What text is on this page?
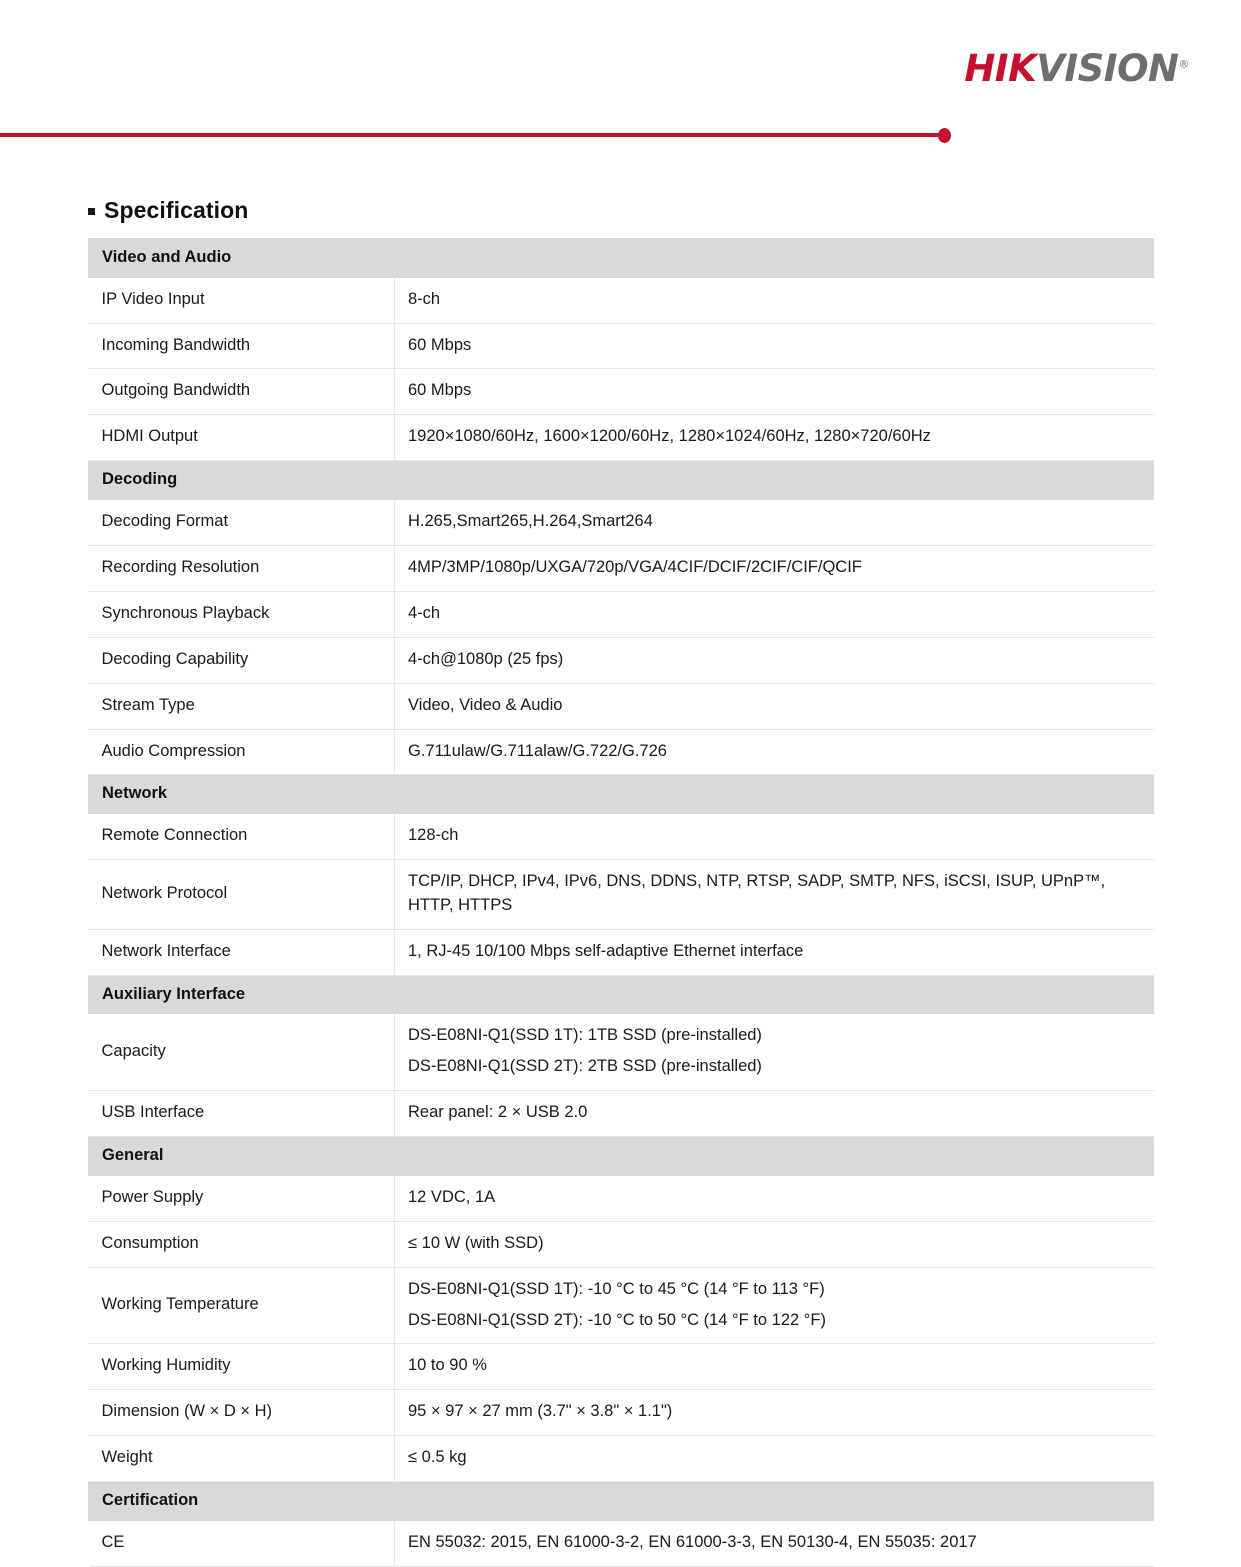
HIKVISION®
Specification
Video and Audio	
IP Video Input	8-ch

Incoming Bandwidth	60 Mbps

Outgoing Bandwidth	60 Mbps

HDMI Output	1920×1080/60Hz, 1600×1200/60Hz, 1280×1024/60Hz, 1280×720/60Hz

Decoding	
Decoding Format	H.265,Smart265,H.264,Smart264

Recording Resolution	4MP/3MP/1080p/UXGA/720p/VGA/4CIF/DCIF/2CIF/CIF/QCIF

Synchronous Playback	4-ch

Decoding Capability	4-ch@1080p (25 fps)

Stream Type	Video, Video & Audio

Audio Compression	G.711ulaw/G.711alaw/G.722/G.726

Network	
Remote Connection	128-ch

Network Protocol	TCP/IP, DHCP, IPv4, IPv6, DNS, DDNS, NTP, RTSP, SADP, SMTP, NFS, iSCSI, ISUP, UPnP™, HTTP, HTTPS

Network Interface	1, RJ-45 10/100 Mbps self-adaptive Ethernet interface

Auxiliary Interface	
Capacity	DS-E08NI-Q1(SSD 1T): 1TB SSD (pre-installed)
DS-E08NI-Q1(SSD 2T): 2TB SSD (pre-installed)

USB Interface	Rear panel: 2 × USB 2.0

General	
Power Supply	12 VDC, 1A

Consumption	≤ 10 W (with SSD)

Working Temperature	DS-E08NI-Q1(SSD 1T): -10 °C to 45 °C (14 °F to 113 °F)
DS-E08NI-Q1(SSD 2T): -10 °C to 50 °C (14 °F to 122 °F)

Working Humidity	10 to 90 %

Dimension (W × D × H)	95 × 97 × 27 mm (3.7" × 3.8" × 1.1")

Weight	≤ 0.5 kg

Certification	
CE	EN 55032: 2015, EN 61000-3-2, EN 61000-3-3, EN 50130-4, EN 55035: 2017
